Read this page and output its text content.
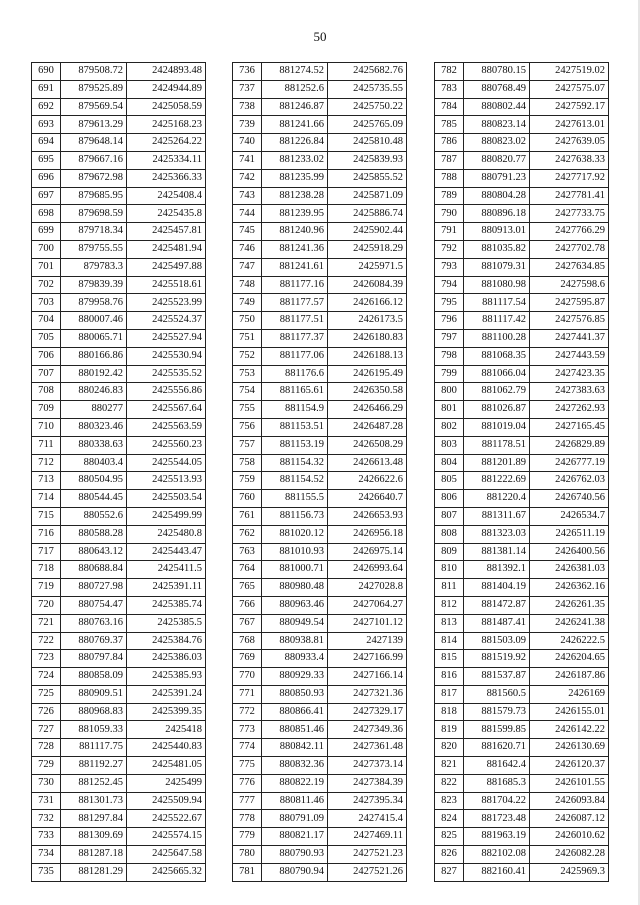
50
690	879508.72	2424893.48
691	879525.89	2424944.89
692	879569.54	2425058.59
693	879613.29	2425168.23
694	879648.14	2425264.22
695	879667.16	2425334.11
696	879672.98	2425366.33
697	879685.95	2425408.4
698	879698.59	2425435.8
699	879718.34	2425457.81
700	879755.55	2425481.94
701	879783.3	2425497.88
702	879839.39	2425518.61
703	879958.76	2425523.99
704	880007.46	2425524.37
705	880065.71	2425527.94
706	880166.86	2425530.94
707	880192.42	2425535.52
708	880246.83	2425556.86
709	880277	2425567.64
710	880323.46	2425563.59
711	880338.63	2425560.23
712	880403.4	2425544.05
713	880504.95	2425513.93
714	880544.45	2425503.54
715	880552.6	2425499.99
716	880588.28	2425480.8
717	880643.12	2425443.47
718	880688.84	2425411.5
719	880727.98	2425391.11
720	880754.47	2425385.74
721	880763.16	2425385.5
722	880769.37	2425384.76
723	880797.84	2425386.03
724	880858.09	2425385.93
725	880909.51	2425391.24
726	880968.83	2425399.35
727	881059.33	2425418
728	881117.75	2425440.83
729	881192.27	2425481.05
730	881252.45	2425499
731	881301.73	2425509.94
732	881297.84	2425522.67
733	881309.69	2425574.15
734	881287.18	2425647.58
735	881281.29	2425665.32
736	881274.52	2425682.76
737	881252.6	2425735.55
738	881246.87	2425750.22
739	881241.66	2425765.09
740	881226.84	2425810.48
741	881233.02	2425839.93
742	881235.99	2425855.52
743	881238.28	2425871.09
744	881239.95	2425886.74
745	881240.96	2425902.44
746	881241.36	2425918.29
747	881241.61	2425971.5
748	881177.16	2426084.39
749	881177.57	2426166.12
750	881177.51	2426173.5
751	881177.37	2426180.83
752	881177.06	2426188.13
753	881176.6	2426195.49
754	881165.61	2426350.58
755	881154.9	2426466.29
756	881153.51	2426487.28
757	881153.19	2426508.29
758	881154.32	2426613.48
759	881154.52	2426622.6
760	881155.5	2426640.7
761	881156.73	2426653.93
762	881020.12	2426956.18
763	881010.93	2426975.14
764	881000.71	2426993.64
765	880980.48	2427028.8
766	880963.46	2427064.27
767	880949.54	2427101.12
768	880938.81	2427139
769	880933.4	2427166.99
770	880929.33	2427166.14
771	880850.93	2427321.36
772	880866.41	2427329.17
773	880851.46	2427349.36
774	880842.11	2427361.48
775	880832.36	2427373.14
776	880822.19	2427384.39
777	880811.46	2427395.34
778	880791.09	2427415.4
779	880821.17	2427469.11
780	880790.93	2427521.23
781	880790.94	2427521.26
782	880780.15	2427519.02
783	880768.49	2427575.07
784	880802.44	2427592.17
785	880823.14	2427613.01
786	880823.02	2427639.05
787	880820.77	2427638.33
788	880791.23	2427717.92
789	880804.28	2427781.41
790	880896.18	2427733.75
791	880913.01	2427766.29
792	881035.82	2427702.78
793	881079.31	2427634.85
794	881080.98	2427598.6
795	881117.54	2427595.87
796	881117.42	2427576.85
797	881100.28	2427441.37
798	881068.35	2427443.59
799	881066.04	2427423.35
800	881062.79	2427383.63
801	881026.87	2427262.93
802	881019.04	2427165.45
803	881178.51	2426829.89
804	881201.89	2426777.19
805	881222.69	2426762.03
806	881220.4	2426740.56
807	881311.67	2426534.7
808	881323.03	2426511.19
809	881381.14	2426400.56
810	881392.1	2426381.03
811	881404.19	2426362.16
812	881472.87	2426261.35
813	881487.41	2426241.38
814	881503.09	2426222.5
815	881519.92	2426204.65
816	881537.87	2426187.86
817	881560.5	2426169
818	881579.73	2426155.01
819	881599.85	2426142.22
820	881620.71	2426130.69
821	881642.4	2426120.37
822	881685.3	2426101.55
823	881704.22	2426093.84
824	881723.48	2426087.12
825	881963.19	2426010.62
826	882102.08	2426082.28
827	882160.41	2425969.3
